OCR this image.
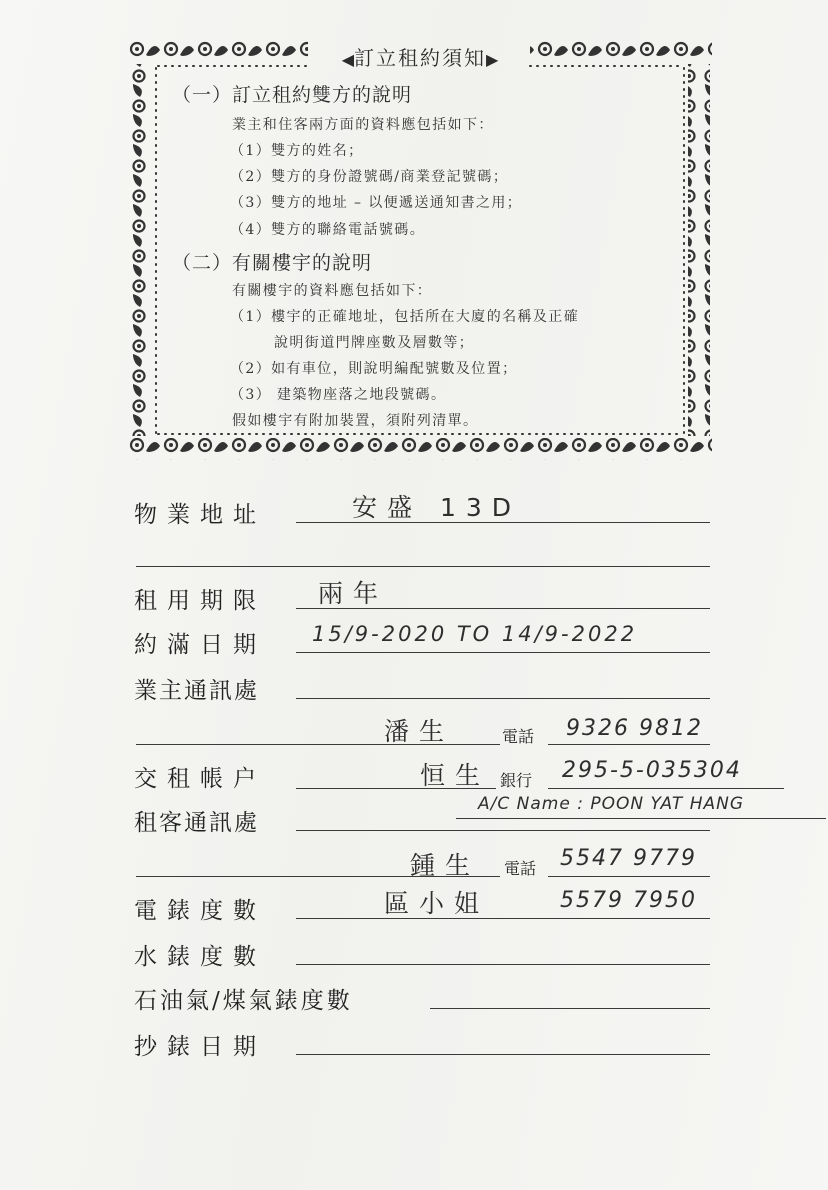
◀訂立租約須知▶
（一）訂立租約雙方的說明
業主和住客兩方面的資料應包括如下：
（1）雙方的姓名；
（2）雙方的身份證號碼/商業登記號碼；
（3）雙方的地址 – 以便遞送通知書之用；
（4）雙方的聯絡電話號碼。
（二）有關樓宇的說明
有關樓宇的資料應包括如下：
（1）樓宇的正確地址，包括所在大廈的名稱及正確
說明街道門牌座數及層數等；
（2）如有車位，則說明編配號數及位置；
（3） 建築物座落之地段號碼。
假如樓宇有附加裝置，須附列清單。
物業地址	安盛 13D
租用期限 兩年
約滿日期 15/9-2020 TO 14/9-2022
業主通訊處
潘生	電話 9326 9812
交租帳户	恒生 銀行 295-5-035304
A/C Name : POON YAT HANG
租客通訊處
鍾生 電話 5547 9779
電錶度數	區小姐	5579 7950
水錶度數
石油氣/煤氣錶度數
抄錶日期
